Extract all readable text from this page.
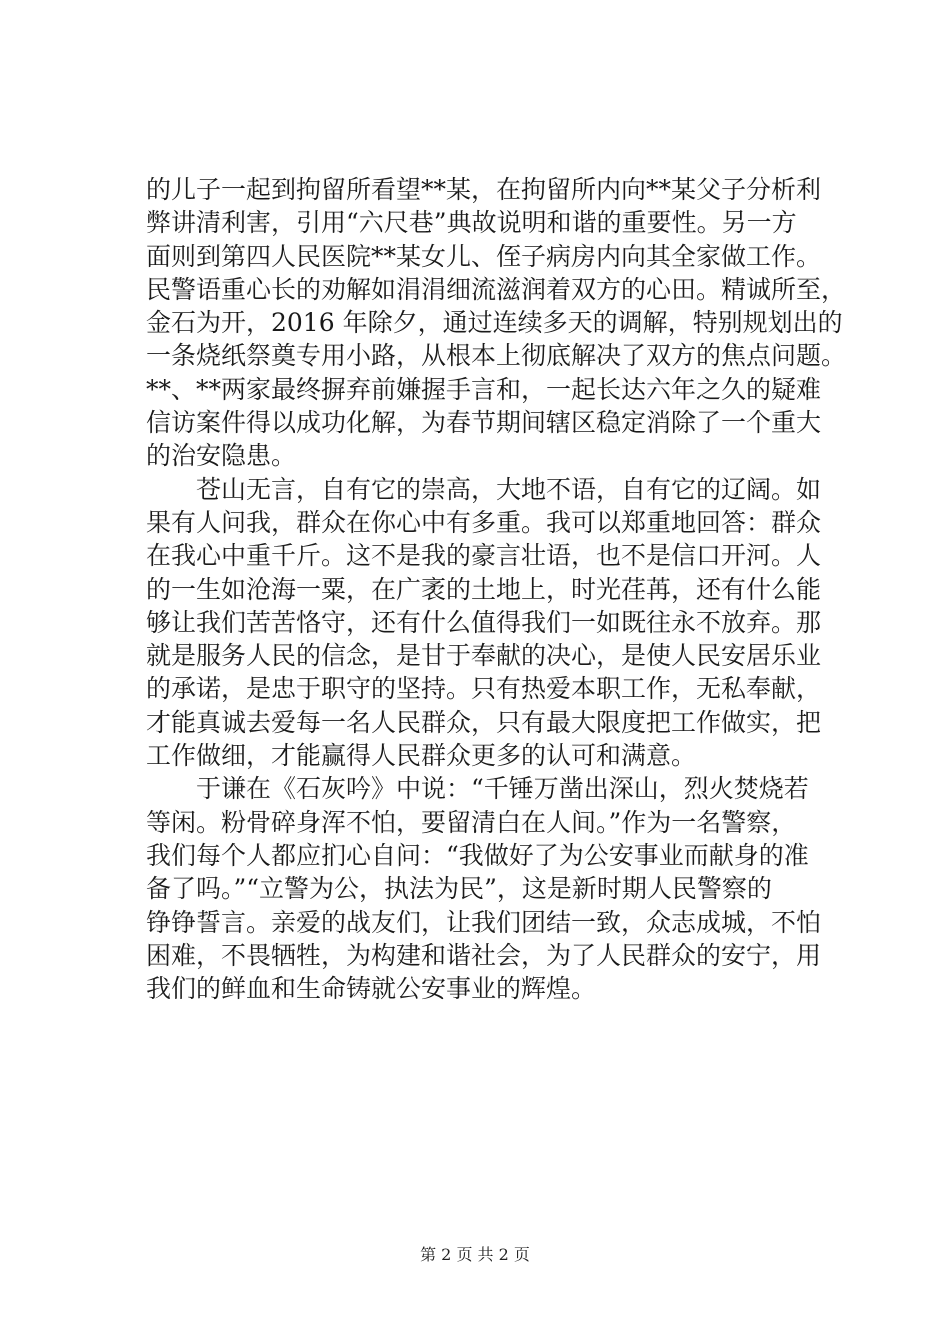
的儿子一起到拘留所看望**某，在拘留所内向**某父子分析利
弊讲清利害，引用“六尺巷”典故说明和谐的重要性。另一方
面则到第四人民医院**某女儿、侄子病房内向其全家做工作。
民警语重心长的劝解如涓涓细流滋润着双方的心田。精诚所至，
金石为开，2016 年除夕，通过连续多天的调解，特别规划出的
一条烧纸祭奠专用小路，从根本上彻底解决了双方的焦点问题。
**、**两家最终摒弃前嫌握手言和，一起长达六年之久的疑难
信访案件得以成功化解，为春节期间辖区稳定消除了一个重大
的治安隐患。
　　苍山无言，自有它的崇高，大地不语，自有它的辽阔。如
果有人问我，群众在你心中有多重。我可以郑重地回答：群众
在我心中重千斤。这不是我的豪言壮语，也不是信口开河。人
的一生如沧海一粟，在广袤的土地上，时光荏苒，还有什么能
够让我们苦苦恪守，还有什么值得我们一如既往永不放弃。那
就是服务人民的信念，是甘于奉献的决心，是使人民安居乐业
的承诺，是忠于职守的坚持。只有热爱本职工作，无私奉献，
才能真诚去爱每一名人民群众，只有最大限度把工作做实，把
工作做细，才能赢得人民群众更多的认可和满意。
　　于谦在《石灰吟》中说：“千锤万凿出深山，烈火焚烧若
等闲。粉骨碎身浑不怕，要留清白在人间。”作为一名警察，
我们每个人都应扪心自问：“我做好了为公安事业而献身的准
备了吗。”“立警为公，执法为民”，这是新时期人民警察的
铮铮誓言。亲爱的战友们，让我们团结一致，众志成城，不怕
困难，不畏牺牲，为构建和谐社会，为了人民群众的安宁，用
我们的鲜血和生命铸就公安事业的辉煌。
第 2 页 共 2 页
